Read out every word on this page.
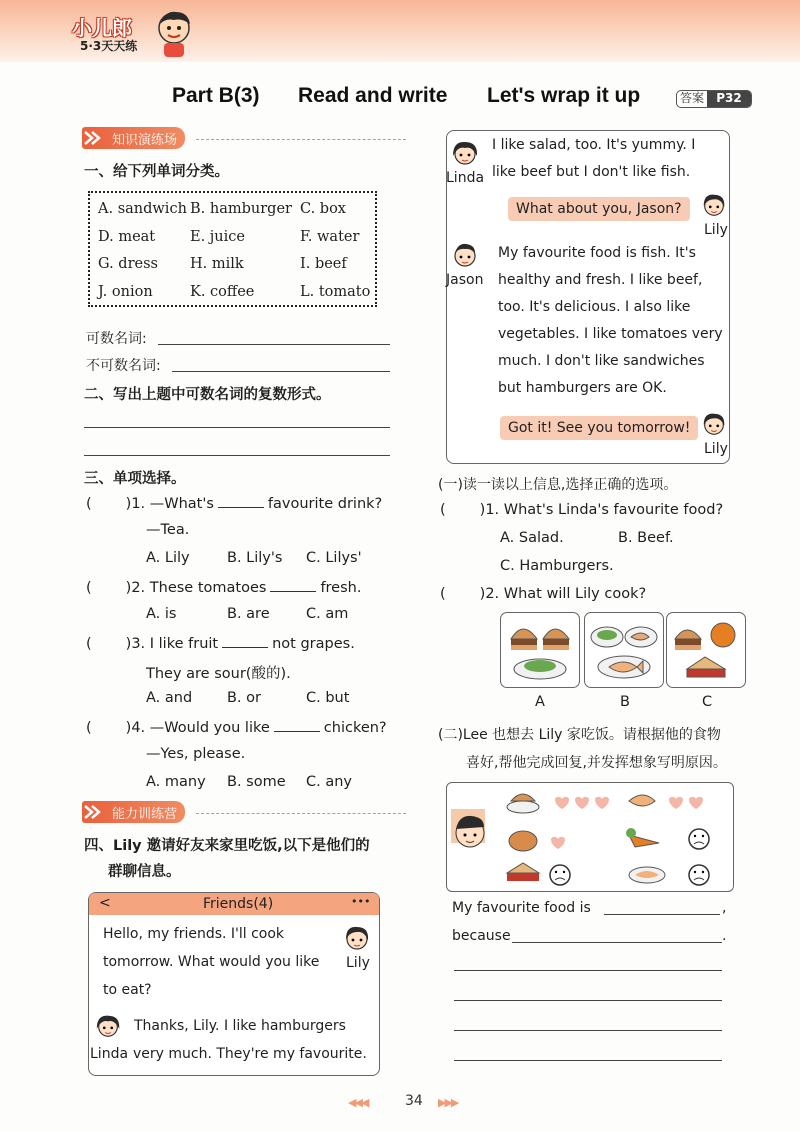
小儿郎
5·3天天练
Part B(3) Read and write Let's wrap it up	答案	P32
知识演练场
一、给下列单词分类。
A. sandwich B. hamburger C. box
D. meat E. juice	F. water
G. dress H. milk	I. beef
J. onion	K. coffee	L. tomato
可数名词:
不可数名词:
二、写出上题中可数名词的复数形式。
三、单项选择。
( )1. —What's	favourite drink?
—Tea.
A. Lily	B. Lily's C. Lilys'
( )2. These tomatoes	fresh.
A. is	B. are	C. am
( )3. I like fruit	not grapes.
They are sour(酸的).
A. and B. or	C. but
( )4. —Would you like	chicken?
—Yes, please.
A. many B. some C. any
能力训练营
四、Lily 邀请好友来家里吃饭,以下是他们的
群聊信息。
<	Friends(4)	•••
Hello, my friends. I'll cook
tomorrow. What would you like
to eat?
Lily
Thanks, Lily. I like hamburgers
Linda very much. They're my favourite.
Linda
I like salad, too. It's yummy. I
like beef but I don't like fish.
What about you, Jason?
Lily
Jason
My favourite food is fish. It's
healthy and fresh. I like beef,
too. It's delicious. I also like
vegetables. I like tomatoes very
much. I don't like sandwiches
but hamburgers are OK.
Got it! See you tomorrow!
Lily
(一)读一读以上信息,选择正确的选项。
( )1. What's Linda's favourite food?
A. Salad.	B. Beef.
C. Hamburgers.
( )2. What will Lily cook?
A	B	C
(二)Lee 也想去 Lily 家吃饭。请根据他的食物
喜好,帮他完成回复,并发挥想象写明原因。
My favourite food is	,
because	.
◀◀◀	34 ▶▶▶
